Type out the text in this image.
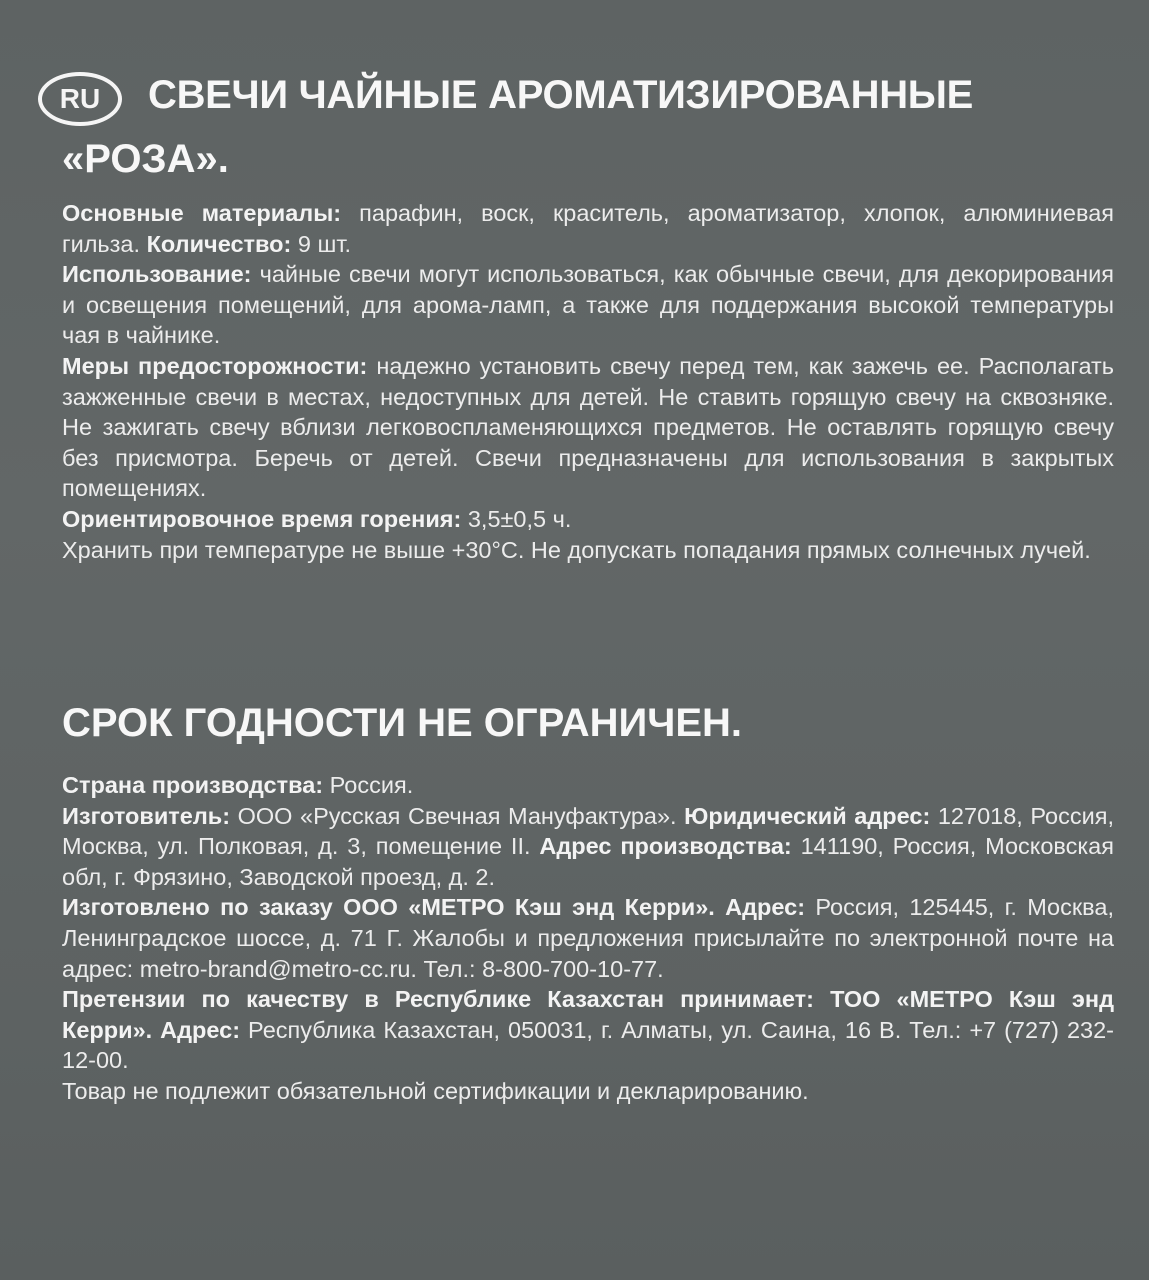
RU	СВЕЧИ ЧАЙНЫЕ АРОМАТИЗИРОВАННЫЕ
«РОЗА».

Основные материалы: парафин, воск, краситель, ароматизатор, хлопок, алюминиевая гильза. Количество: 9 шт.

Использование: чайные свечи могут использоваться, как обычные свечи, для декорирования и освещения помещений, для арома-ламп, а также для поддержания высокой температуры чая в чайнике.

Меры предосторожности: надежно установить свечу перед тем, как зажечь ее. Располагать зажженные свечи в местах, недоступных для детей. Не ставить горящую свечу на сквозняке. Не зажигать свечу вблизи легковоспламеняющихся предметов. Не оставлять горящую свечу без присмотра. Беречь от детей. Свечи предназначены для использования в закрытых помещениях.

Ориентировочное время горения: 3,5±0,5 ч.

Хранить при температуре не выше +30°С. Не допускать попадания прямых солнечных лучей.

СРОК ГОДНОСТИ НЕ ОГРАНИЧЕН.

Страна производства: Россия.

Изготовитель: ООО «Русская Свечная Мануфактура». Юридический адрес: 127018, Россия, Москва, ул. Полковая, д. 3, помещение II. Адрес производства: 141190, Россия, Московская обл, г. Фрязино, Заводской проезд, д. 2.

Изготовлено по заказу ООО «МЕТРО Кэш энд Керри». Адрес: Россия, 125445, г. Москва, Ленинградское шоссе, д. 71 Г. Жалобы и предложения присылайте по электронной почте на адрес: metro-brand@metro-cc.ru. Тел.: 8-800-700-10-77.

Претензии по качеству в Республике Казахстан принимает: ТОО «МЕТРО Кэш энд Керри». Адрес: Республика Казахстан, 050031, г. Алматы, ул. Саина, 16 В. Тел.: +7 (727) 232-12-00.

Товар не подлежит обязательной сертификации и декларированию.
